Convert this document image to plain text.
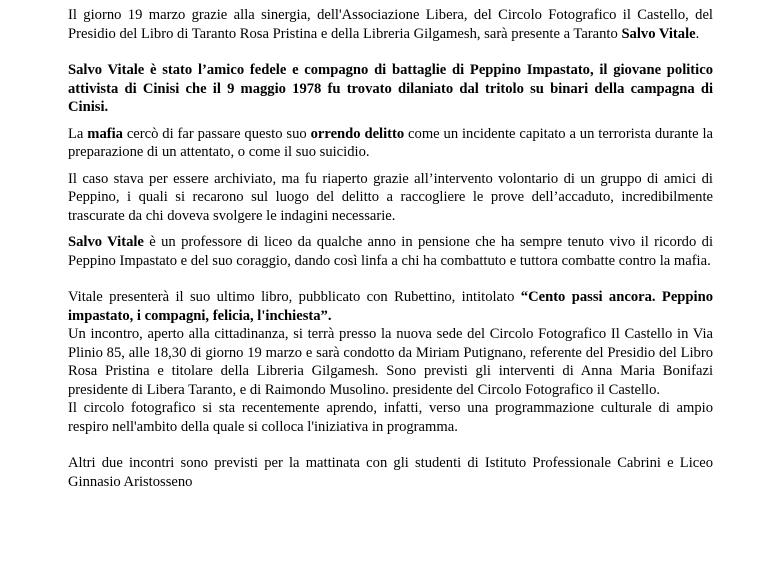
Il giorno 19 marzo grazie alla sinergia, dell'Associazione Libera, del Circolo Fotografico il Castello, del Presidio del Libro di Taranto Rosa Pristina e della Libreria Gilgamesh, sarà presente a Taranto Salvo Vitale.

Salvo Vitale è stato l’amico fedele e compagno di battaglie di Peppino Impastato, il giovane politico attivista di Cinisi che il 9 maggio 1978 fu trovato dilaniato dal tritolo su binari della campagna di Cinisi.

La mafia cercò di far passare questo suo orrendo delitto come un incidente capitato a un terrorista durante la preparazione di un attentato, o come il suo suicidio.

Il caso stava per essere archiviato, ma fu riaperto grazie all’intervento volontario di un gruppo di amici di Peppino, i quali si recarono sul luogo del delitto a raccogliere le prove dell’accaduto, incredibilmente trascurate da chi doveva svolgere le indagini necessarie.

Salvo Vitale è un professore di liceo da qualche anno in pensione che ha sempre tenuto vivo il ricordo di Peppino Impastato e del suo coraggio, dando così linfa a chi ha combattuto e tuttora combatte contro la mafia.

Vitale presenterà il suo ultimo libro, pubblicato con Rubettino, intitolato “Cento passi ancora. Peppino impastato, i compagni, felicia, l'inchiesta”.

Un incontro, aperto alla cittadinanza, si terrà presso la nuova sede del Circolo Fotografico Il Castello in Via Plinio 85, alle 18,30 di giorno 19 marzo e sarà condotto da Miriam Putignano, referente del Presidio del Libro Rosa Pristina e titolare della Libreria Gilgamesh. Sono previsti gli interventi di Anna Maria Bonifazi presidente di Libera Taranto, e di Raimondo Musolino. presidente del Circolo Fotografico il Castello.

Il circolo fotografico si sta recentemente aprendo, infatti, verso una programmazione culturale di ampio respiro nell'ambito della quale si colloca l'iniziativa in programma.

Altri due incontri sono previsti per la mattinata con gli studenti di Istituto Professionale Cabrini e Liceo Ginnasio Aristosseno
